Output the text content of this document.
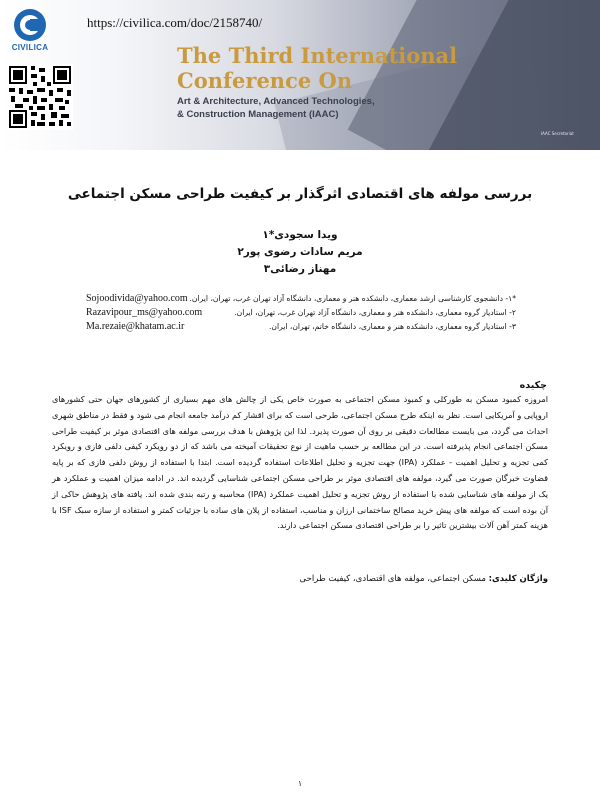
CIVILICA
https://civilica.com/doc/2158740/
The Third International
Conference On
Art & Architecture, Advanced Technologies,
& Construction Management (IAAC)
IAAC Secretariat
بررسی مولفه های اقتصادی اثرگذار بر کیفیت طراحی مسکن اجتماعی
ویدا سجودی*۱
مریم سادات رضوی پور۲
مهناز رضائی۳
*۱- دانشجوی کارشناسی ارشد معماری، دانشکده هنر و معماری، دانشگاه آزاد تهران غرب، تهران، ایران.
Sojoodivida@yahoo.com
۲- استادیار گروه معماری، دانشکده هنر و معماری، دانشگاه آزاد تهران غرب، تهران، ایران.
Razavipour_ms@yahoo.com
۳- استادیار گروه معماری، دانشکده هنر و معماری، دانشگاه خاتم، تهران، ایران.
Ma.rezaie@khatam.ac.ir
چکیده
امروزه کمبود مسکن به طورکلی و کمبود مسکن اجتماعی به صورت خاص یکی از چالش های مهم بسیاری از کشورهای جهان حتی کشورهای اروپایی و آمریکایی است. نظر به اینکه طرح مسکن اجتماعی، طرحی است که برای اقشار کم درآمد جامعه انجام می شود و فقط در مناطق شهری احداث می گردد، می بایست مطالعات دقیقی بر روی آن صورت پذیرد. لذا این پژوهش با هدف بررسی مولفه های اقتصادی موثر بر کیفیت طراحی مسکن اجتماعی انجام پذیرفته است. در این مطالعه بر حسب ماهیت از نوع تحقیقات آمیخته می باشد که از دو رویکرد کیفی دلفی فازی و رویکرد کمی تجزیه و تحلیل اهمیت - عملکرد (IPA) جهت تجزیه و تحلیل اطلاعات استفاده گردیده است. ابتدا با استفاده از روش دلفی فازی که بر پایه قضاوت خبرگان صورت می گیرد، مولفه های اقتصادی موثر بر طراحی مسکن اجتماعی شناسایی گردیده اند. در ادامه میزان اهمیت و عملکرد هر یک از مولفه های شناسایی شده با استفاده از روش تجزیه و تحلیل اهمیت عملکرد (IPA) محاسبه و رتبه بندی شده اند. یافته های پژوهش حاکی از آن بوده است که مولفه های پیش خرید مصالح ساختمانی ارزان و مناسب، استفاده از پلان های ساده با جزئیات کمتر و استفاده از سازه سبک ISF با هزینه کمتر آهن آلات بیشترین تاثیر را بر طراحی اقتصادی مسکن اجتماعی دارند.
واژگان کلیدی: مسکن اجتماعی، مولفه های اقتصادی، کیفیت طراحی
۱
